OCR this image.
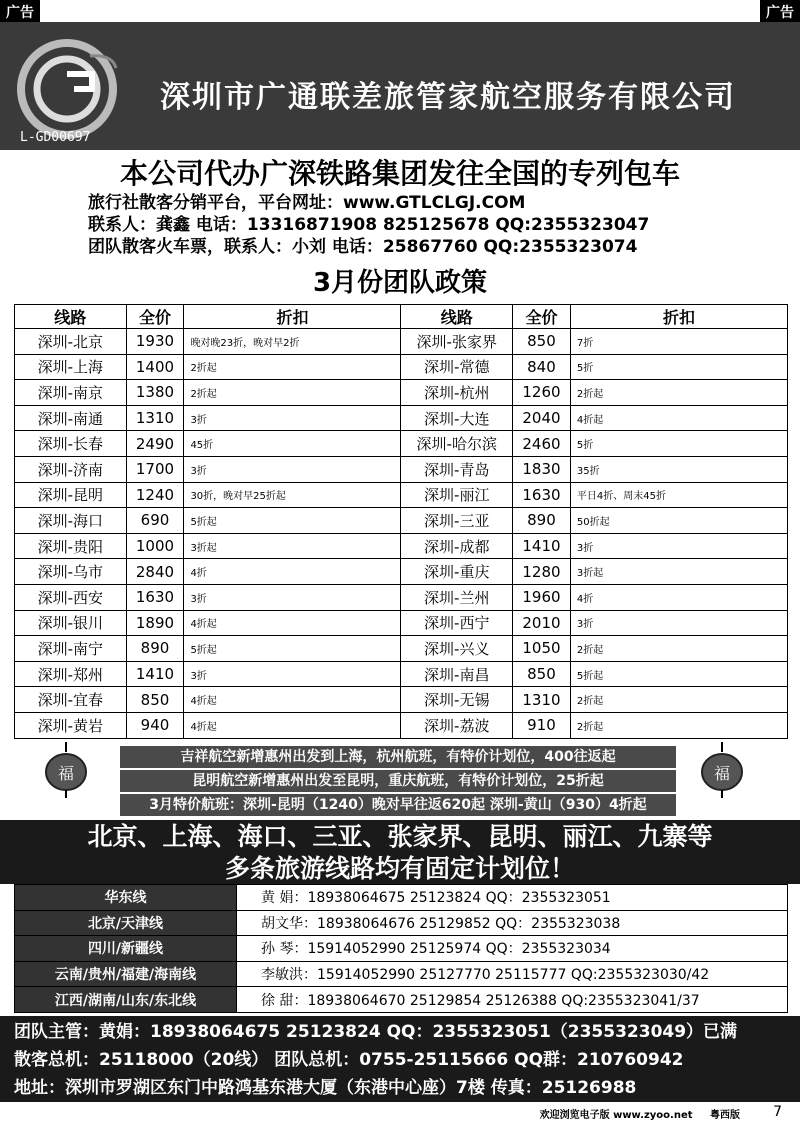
广告	广告
L-GD00697
深圳市广通联差旅管家航空服务有限公司
本公司代办广深铁路集团发往全国的专列包车
旅行社散客分销平台，平台网址：www.GTLCLGJ.COM
联系人：龚鑫 电话：13316871908 825125678 QQ:2355323047
团队散客火车票，联系人：小刘 电话：25867760 QQ:2355323074
3月份团队政策
线路	全价	折扣	线路	全价	折扣
深圳-北京	1930	晚对晚23折，晚对早2折	深圳-张家界	850	7折
深圳-上海	1400	2折起	深圳-常德	840	5折
深圳-南京	1380	2折起	深圳-杭州	1260	2折起
深圳-南通	1310	3折	深圳-大连	2040	4折起
深圳-长春	2490	45折	深圳-哈尔滨	2460	5折
深圳-济南	1700	3折	深圳-青岛	1830	35折
深圳-昆明	1240	30折，晚对早25折起	深圳-丽江	1630	平日4折、周末45折
深圳-海口	690	5折起	深圳-三亚	890	50折起
深圳-贵阳	1000	3折起	深圳-成都	1410	3折
深圳-乌市	2840	4折	深圳-重庆	1280	3折起
深圳-西安	1630	3折	深圳-兰州	1960	4折
深圳-银川	1890	4折起	深圳-西宁	2010	3折
深圳-南宁	890	5折起	深圳-兴义	1050	2折起
深圳-郑州	1410	3折	深圳-南昌	850	5折起
深圳-宜春	850	4折起	深圳-无锡	1310	2折起
深圳-黄岩	940	4折起	深圳-荔波	910	2折起
吉祥航空新增惠州出发到上海，杭州航班，有特价计划位，400往返起
昆明航空新增惠州出发至昆明，重庆航班，有特价计划位，25折起
3月特价航班：深圳-昆明（1240）晚对早往返620起 深圳-黄山（930）4折起
福	福
北京、上海、海口、三亚、张家界、昆明、丽江、九寨等
多条旅游线路均有固定计划位！
华东线	黄 娟：18938064675 25123824 QQ：2355323051
北京/天津线	胡文华：18938064676 25129852 QQ：2355323038
四川/新疆线	孙 琴：15914052990 25125974 QQ：2355323034
云南/贵州/福建/海南线	李敏洪：15914052990 25127770 25115777 QQ:2355323030/42
江西/湖南/山东/东北线	徐 甜：18938064670 25129854 25126388 QQ:2355323041/37
团队主管：黄娟：18938064675 25123824 QQ：2355323051（2355323049）已满
散客总机：25118000（20线） 团队总机：0755-25115666 QQ群：210760942
地址：深圳市罗湖区东门中路鸿基东港大厦（东港中心座）7楼 传真：25126988
欢迎浏览电子版 www.zyoo.net 粤西版 7
